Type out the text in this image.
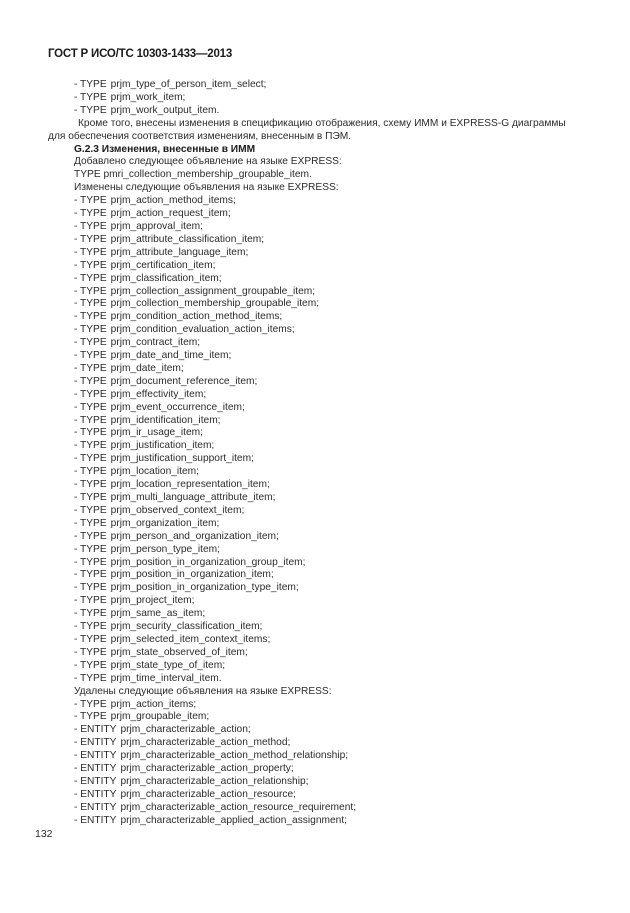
ГОСТ Р ИСО/ТС 10303-1433—2013
- TYPE prjm_type_of_person_item_select;
- TYPE prjm_work_item;
- TYPE prjm_work_output_item.
Кроме того, внесены изменения в спецификацию отображения, схему ИММ и EXPRESS-G диаграммы для обеспечения соответствия изменениям, внесенным в ПЭМ.
G.2.3 Изменения, внесенные в ИММ
Добавлено следующее объявление на языке EXPRESS:
TYPE pmri_collection_membership_groupable_item.
Изменены следующие объявления на языке EXPRESS:
- TYPE prjm_action_method_items;
- TYPE prjm_action_request_item;
- TYPE prjm_approval_item;
- TYPE prjm_attribute_classification_item;
- TYPE prjm_attribute_language_item;
- TYPE prjm_certification_item;
- TYPE prjm_classification_item;
- TYPE prjm_collection_assignment_groupable_item;
- TYPE prjm_collection_membership_groupable_item;
- TYPE prjm_condition_action_method_items;
- TYPE prjm_condition_evaluation_action_items;
- TYPE prjm_contract_item;
- TYPE prjm_date_and_time_item;
- TYPE prjm_date_item;
- TYPE prjm_document_reference_item;
- TYPE prjm_effectivity_item;
- TYPE prjm_event_occurrence_item;
- TYPE prjm_identification_item;
- TYPE prjm_ir_usage_item;
- TYPE prjm_justification_item;
- TYPE prjm_justification_support_item;
- TYPE prjm_location_item;
- TYPE prjm_location_representation_item;
- TYPE prjm_multi_language_attribute_item;
- TYPE prjm_observed_context_item;
- TYPE prjm_organization_item;
- TYPE prjm_person_and_organization_item;
- TYPE prjm_person_type_item;
- TYPE prjm_position_in_organization_group_item;
- TYPE prjm_position_in_organization_item;
- TYPE prjm_position_in_organization_type_item;
- TYPE prjm_project_item;
- TYPE prjm_same_as_item;
- TYPE prjm_security_classification_item;
- TYPE prjm_selected_item_context_items;
- TYPE prjm_state_observed_of_item;
- TYPE prjm_state_type_of_item;
- TYPE prjm_time_interval_item.
Удалены следующие объявления на языке EXPRESS:
- TYPE prjm_action_items;
- TYPE prjm_groupable_item;
- ENTITY prjm_characterizable_action;
- ENTITY prjm_characterizable_action_method;
- ENTITY prjm_characterizable_action_method_relationship;
- ENTITY prjm_characterizable_action_property;
- ENTITY prjm_characterizable_action_relationship;
- ENTITY prjm_characterizable_action_resource;
- ENTITY prjm_characterizable_action_resource_requirement;
- ENTITY prjm_characterizable_applied_action_assignment;
132
